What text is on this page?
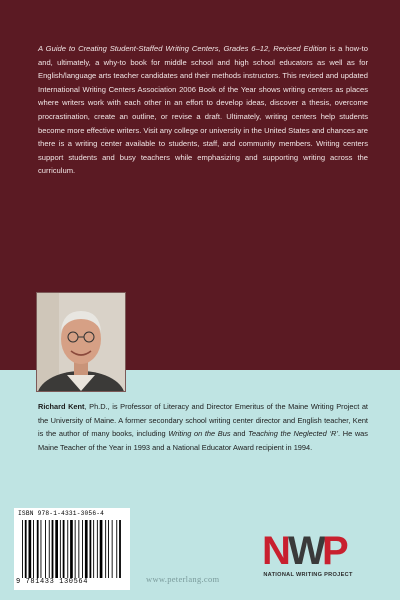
A Guide to Creating Student-Staffed Writing Centers, Grades 6–12, Revised Edition is a how-to and, ultimately, a why-to book for middle school and high school educators as well as for English/language arts teacher candidates and their methods instructors. This revised and updated International Writing Centers Association 2006 Book of the Year shows writing centers as places where writers work with each other in an effort to develop ideas, discover a thesis, overcome procrastination, create an outline, or revise a draft. Ultimately, writing centers help students become more effective writers. Visit any college or university in the United States and chances are there is a writing center available to students, staff, and community members. Writing centers support students and busy teachers while emphasizing and supporting writing across the curriculum.

Richard Kent, Ph.D., is Professor of Literacy and Director Emeritus of the Maine Writing Project at the University of Maine. A former secondary school writing center director and English teacher, Kent is the author of many books, including Writing on the Bus and Teaching the Neglected ‘R’. He was Maine Teacher of the Year in 1993 and a National Educator Award recipient in 1994.

ISBN 978-1-4331-3056-4
9 781433 130564	www.peterlang.com
N
W
P
NATIONAL WRITING PROJECT
